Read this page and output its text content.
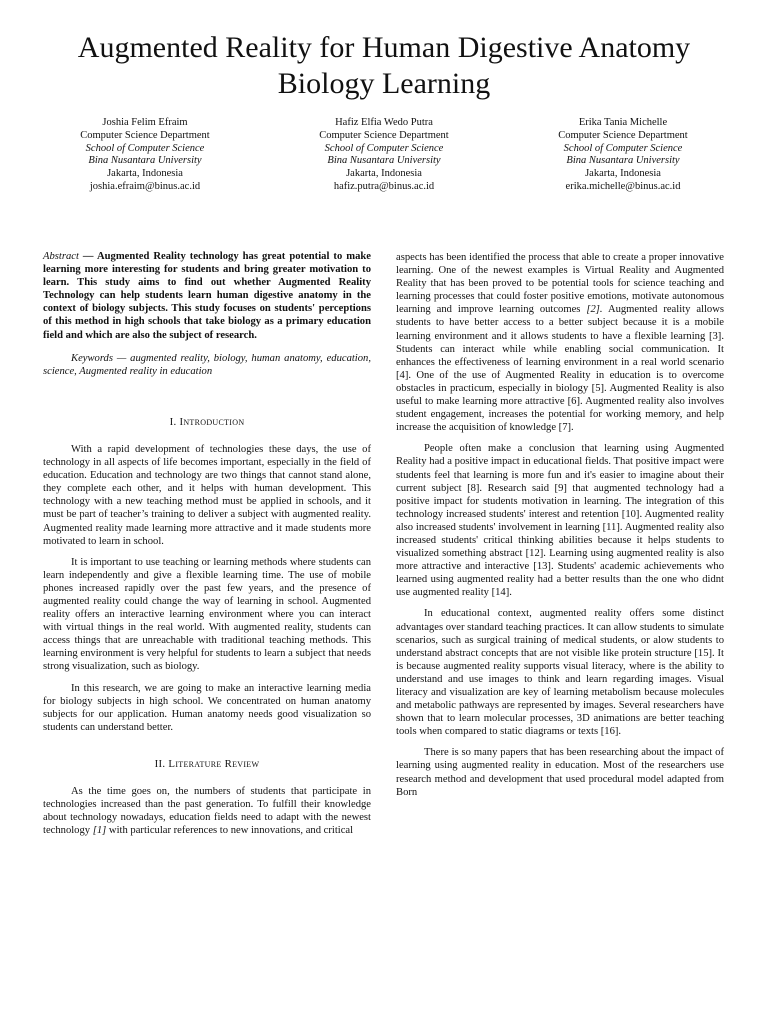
Augmented Reality for Human Digestive Anatomy Biology Learning
Joshia Felim Efraim
Computer Science Department
School of Computer Science
Bina Nusantara University
Jakarta, Indonesia
joshia.efraim@binus.ac.id
Hafiz Elfia Wedo Putra
Computer Science Department
School of Computer Science
Bina Nusantara University
Jakarta, Indonesia
hafiz.putra@binus.ac.id
Erika Tania Michelle
Computer Science Department
School of Computer Science
Bina Nusantara University
Jakarta, Indonesia
erika.michelle@binus.ac.id

Abstract — Augmented Reality technology has great potential to make learning more interesting for students and bring greater motivation to learn. This study aims to find out whether Augmented Reality Technology can help students learn human digestive anatomy in the context of biology subjects. This study focuses on students' perceptions of this method in high schools that take biology as a primary education field and which are also the subject of research.

Keywords — augmented reality, biology, human anatomy, education, science, Augmented reality in education

I. Introduction

With a rapid development of technologies these days, the use of technology in all aspects of life becomes important, especially in the field of education. Education and technology are two things that cannot stand alone, they complete each other, and it helps with human development. This technology with a new teaching method must be applied in schools, and it must be part of teacher’s training to deliver a subject with augmented reality. Augmented reality made learning more attractive and it made students more motivated to learn in school.

It is important to use teaching or learning methods where students can learn independently and give a flexible learning time. The use of mobile phones increased rapidly over the past few years, and the presence of augmented reality could change the way of learning in school. Augmented reality offers an interactive learning environment where you can interact with virtual things in the real world. With augmented reality, students can access things that are unreachable with traditional teaching methods. This learning environment is very helpful for students to learn a subject that needs strong visualization, such as biology.

In this research, we are going to make an interactive learning media for biology subjects in high school. We concentrated on human anatomy subjects for our application. Human anatomy needs good visualization so students can understand better.

II. Literature Review

As the time goes on, the numbers of students that participate in technologies increased than the past generation. To fulfill their knowledge about technology nowadays, education fields need to adapt with the newest technology [1] with particular references to new innovations, and critical

aspects has been identified the process that able to create a proper innovative learning. One of the newest examples is Virtual Reality and Augmented Reality that has been proved to be potential tools for science teaching and learning processes that could foster positive emotions, motivate autonomous learning and improve learning outcomes [2]. Augmented reality allows students to have better access to a better subject because it is a mobile learning environment and it allows students to have a flexible learning [3]. Students can interact while while enabling social communication. It enhances the effectiveness of learning environment in a real world scenario [4]. One of the use of Augmented Reality in education is to overcome obstacles in practicum, especially in biology [5]. Augmented Reality is also useful to make learning more attractive [6]. Augmented reality also involves student engagement, increases the potential for working memory, and help increase the acquisition of knowledge [7].

People often make a conclusion that learning using Augmented Reality had a positive impact in educational fields. That positive impact were students feel that learning is more fun and it's easier to imagine about their current subject [8]. Research said [9] that augmented technology had a positive impact for students motivation in learning. The integration of this technology increased students' interest and retention [10]. Augmented reality also increased students' involvement in learning [11]. Augmented reality also increased students' critical thinking abilities because it helps students to visualized something abstract [12]. Learning using augmented reality is also more attractive and interactive [13]. Students' academic achievements who learned using augmented reality had a better results than the one who didnt use augmented reality [14].

In educational context, augmented reality offers some distinct advantages over standard teaching practices. It can allow students to simulate scenarios, such as surgical training of medical students, or alow students to understand abstract concepts that are not visible like protein structure [15]. It is because augmented reality supports visual literacy, where is the ability to understand and use images to think and learn regarding images. Visual literacy and visualization are key of learning metabolism because molecules and metabolic pathways are represented by images. Several researchers have shown that to learn molecular processes, 3D animations are better teaching tools when compared to static diagrams or texts [16].

There is so many papers that has been researching about the impact of learning using augmented reality in education. Most of the researchers use research method and development that used procedural model adapted from Born
